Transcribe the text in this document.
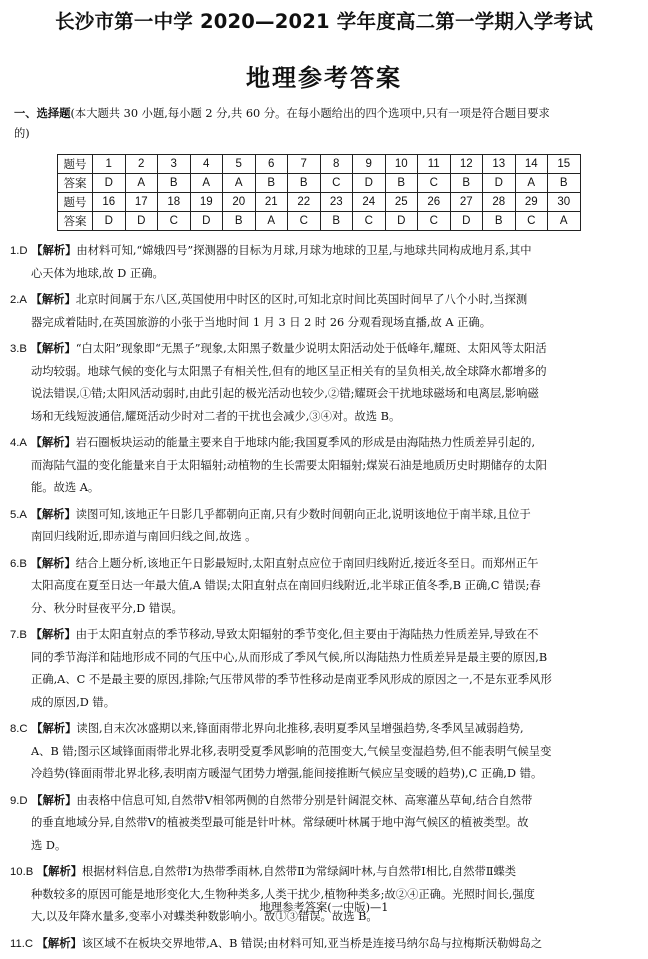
长沙市第一中学 2020—2021 学年度高二第一学期入学考试
地理参考答案
一、选择题(本大题共 30 小题,每小题 2 分,共 60 分。在每小题给出的四个选项中,只有一项是符合题目要求
的)
题号	1	2	3	4	5	6	7	8	9	10	11	12	13	14	15
答案	D	A	B	A	A	B	B	C	D	B	C	B	D	A	B
题号	16	17	18	19	20	21	22	23	24	25	26	27	28	29	30
答案	D	D	C	D	B	A	C	B	C	D	C	D	B	C	A
1.D 【解析】由材料可知,“嫦娥四号”探测器的目标为月球,月球为地球的卫星,与地球共同构成地月系,其中
心天体为地球,故 D 正确。
2.A 【解析】北京时间属于东八区,英国使用中时区的区时,可知北京时间比英国时间早了八个小时,当探测
器完成着陆时,在英国旅游的小张于当地时间 1 月 3 日 2 时 26 分观看现场直播,故 A 正确。
3.B 【解析】“白太阳”现象即“无黑子”现象,太阳黑子数量少说明太阳活动处于低峰年,耀斑、太阳风等太阳活
动均较弱。地球气候的变化与太阳黑子有相关性,但有的地区呈正相关有的呈负相关,故全球降水都增多的
说法错误,①错;太阳风活动弱时,由此引起的极光活动也较少,②错;耀斑会干扰地球磁场和电离层,影响磁
场和无线短波通信,耀斑活动少时对二者的干扰也会减少,③④对。故选 B。
4.A 【解析】岩石圈板块运动的能量主要来自于地球内能;我国夏季风的形成是由海陆热力性质差异引起的,
而海陆气温的变化能量来自于太阳辐射;动植物的生长需要太阳辐射;煤炭石油是地质历史时期储存的太阳
能。故选 A。
5.A 【解析】读图可知,该地正午日影几乎都朝向正南,只有少数时间朝向正北,说明该地位于南半球,且位于
南回归线附近,即赤道与南回归线之间,故选 。
6.B 【解析】结合上题分析,该地正午日影最短时,太阳直射点应位于南回归线附近,接近冬至日。而郑州正午
太阳高度在夏至日达一年最大值,A 错误;太阳直射点在南回归线附近,北半球正值冬季,B 正确,C 错误;春
分、秋分时昼夜平分,D 错误。
7.B 【解析】由于太阳直射点的季节移动,导致太阳辐射的季节变化,但主要由于海陆热力性质差异,导致在不
同的季节海洋和陆地形成不同的气压中心,从而形成了季风气候,所以海陆热力性质差异是最主要的原因,B
正确,A、C 不是最主要的原因,排除;气压带风带的季节性移动是南亚季风形成的原因之一,不是东亚季风形
成的原因,D 错。
8.C 【解析】读图,自末次冰盛期以来,锋面雨带北界向北推移,表明夏季风呈增强趋势,冬季风呈减弱趋势,
A、B 错;图示区域锋面雨带北界北移,表明受夏季风影响的范围变大,气候呈变湿趋势,但不能表明气候呈变
冷趋势(锋面雨带北界北移,表明南方暖湿气团势力增强,能间接推断气候应呈变暖的趋势),C 正确,D 错。
9.D 【解析】由表格中信息可知,自然带Ⅴ相邻两侧的自然带分别是针阔混交林、高寒灌丛草甸,结合自然带
的垂直地域分异,自然带Ⅴ的植被类型最可能是针叶林。常绿硬叶林属于地中海气候区的植被类型。故
选 D。
10.B 【解析】根据材料信息,自然带Ⅰ为热带季雨林,自然带Ⅱ为常绿阔叶林,与自然带Ⅰ相比,自然带Ⅱ蝶类
种数较多的原因可能是地形变化大,生物种类多,人类干扰少,植物种类多;故②④正确。光照时间长,强度
大,以及年降水量多,变率小对蝶类种数影响小。故①③错误。故选 B。
11.C 【解析】该区域不在板块交界地带,A、B 错误;由材料可知,亚当桥是连接马纳尔岛与拉梅斯沃勒姆岛之
地理参考答案(一中版)—1
